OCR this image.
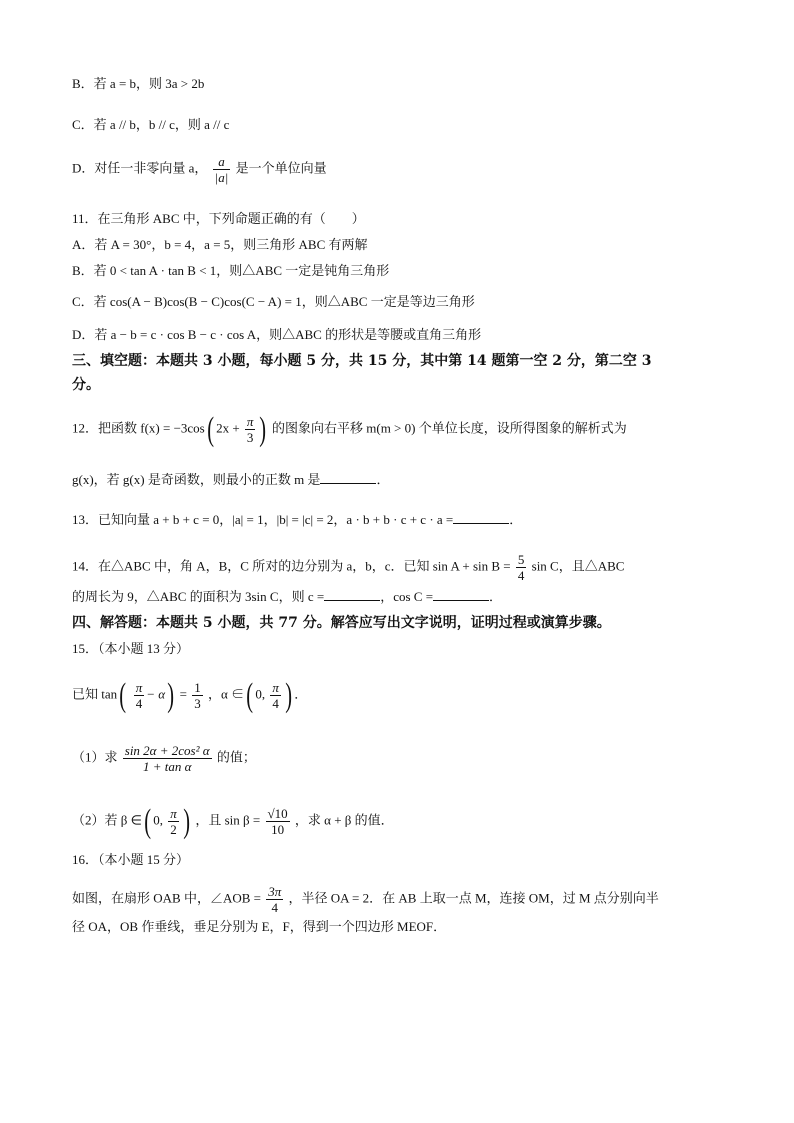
B．若 a = b，则 3a > 2b
C．若 a // b，b // c，则 a // c
D．对任一非零向量 a， $\frac{a}{|a|}$ 是一个单位向量
11．在三角形 ABC 中，下列命题正确的有（　　）
A．若 A = 30°，b = 4，a = 5，则三角形 ABC 有两解
B．若 0 < tan A · tan B < 1，则△ABC 一定是钝角三角形
C．若 cos(A − B)cos(B − C)cos(C − A) = 1，则△ABC 一定是等边三角形
D．若 a − b = c · cos B − c · cos A，则△ABC 的形状是等腰或直角三角形
三、填空题：本题共 3 小题，每小题 5 分，共 15 分，其中第 14 题第一空 2 分，第二空 3
分。
12．把函数 f(x) = −3cos( $2x + \frac{\pi}{3}$ ) 的图象向右平移 m(m > 0) 个单位长度，设所得图象的解析式为
g(x)，若 g(x) 是奇函数，则最小的正数 m 是	．
13．已知向量 a + b + c = 0，|a| = 1，|b| = |c| = 2，a · b + b · c + c · a =	．
14．在△ABC 中，角 A，B，C 所对的边分别为 a，b，c．已知 $\sin A + \sin B = \frac{5}{4}$ sin C，且△ABC
的周长为 9，△ABC 的面积为 3sin C，则 c =	，cos C =	．
四、解答题：本题共 5 小题，共 77 分。解答应写出文字说明，证明过程或演算步骤。
15．（本小题 13 分）
已知 $\tan( \frac{\pi}{4} - \alpha) = \frac{1}{3}$ ，α ∈( 0, $\frac{\pi}{4}$ ) ．
（1）求 $\frac{\text{sin 2α + 2cos² α}}{\text{1 + tan α}}$ 的值；
（2）若 β ∈( 0, $\frac{\pi}{2}$ ) ，且 $\sin \beta = \frac{√10}{10}$ ，求 α + β 的值．
16．（本小题 15 分）
如图，在扇形 OAB 中，∠AOB = $\frac{3\pi}{4}$ ，半径 OA = 2．在 AB 上取一点 M，连接 OM，过 M 点分别向半
径 OA，OB 作垂线，垂足分别为 E，F，得到一个四边形 MEOF．
